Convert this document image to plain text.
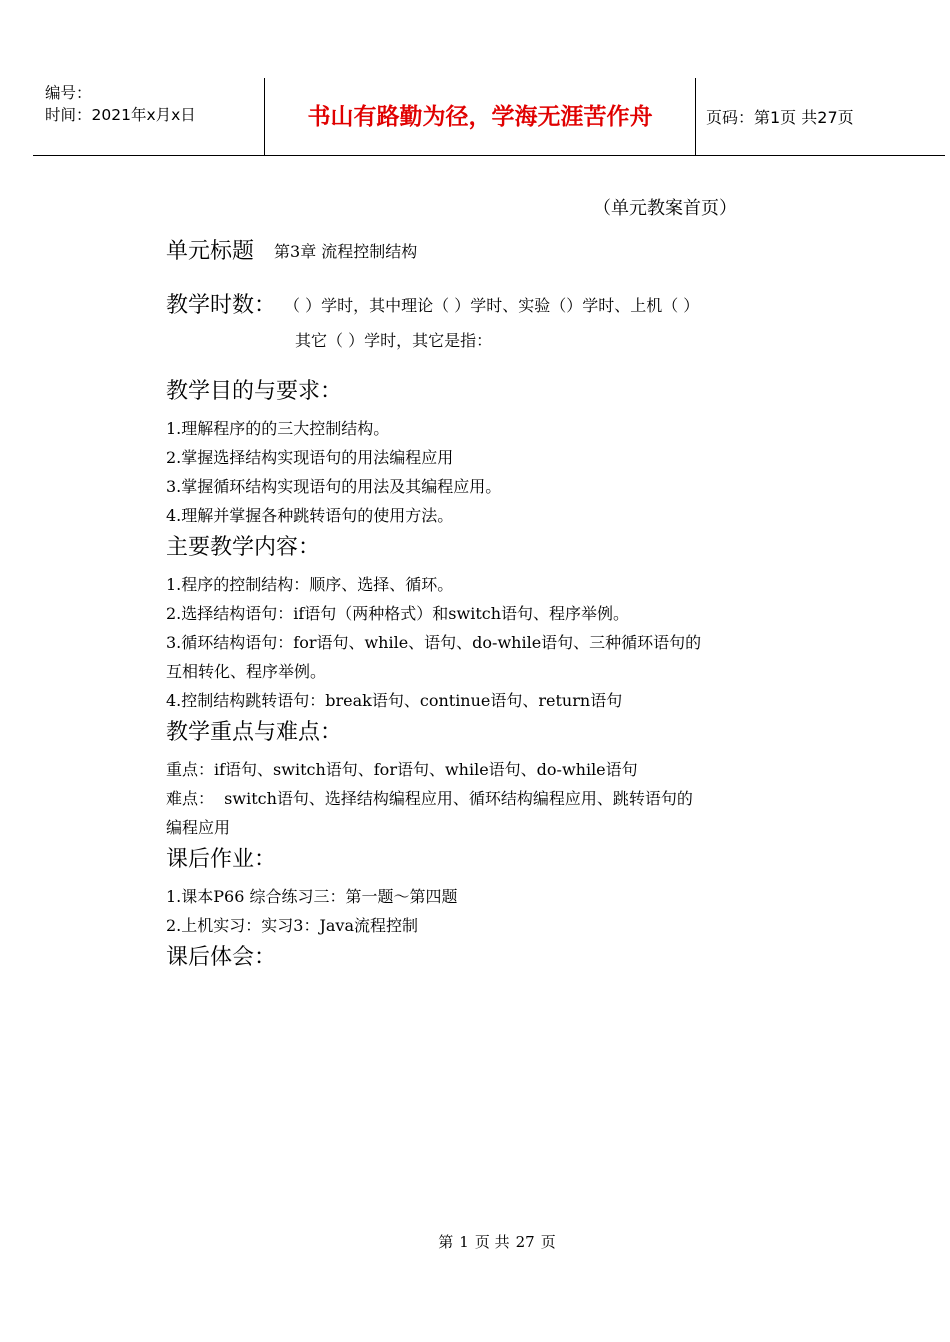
编号：
时间：2021年x月x日	书山有路勤为径，学海无涯苦作舟	页码：第1页 共27页
（单元教案首页）
单元标题 第3章 流程控制结构
教学时数： （ ）学时，其中理论（ ）学时、实验（）学时、上机（ ）
其它（ ）学时，其它是指：
教学目的与要求：
1.理解程序的的三大控制结构。
2.掌握选择结构实现语句的用法编程应用
3.掌握循环结构实现语句的用法及其编程应用。
4.理解并掌握各种跳转语句的使用方法。
主要教学内容：
1.程序的控制结构：顺序、选择、循环。
2.选择结构语句：if语句（两种格式）和switch语句、程序举例。
3.循环结构语句：for语句、while、语句、do-while语句、三种循环语句的
互相转化、程序举例。
4.控制结构跳转语句：break语句、continue语句、return语句
教学重点与难点：
重点：if语句、switch语句、for语句、while语句、do-while语句
难点：  switch语句、选择结构编程应用、循环结构编程应用、跳转语句的
编程应用
课后作业：
1.课本P66 综合练习三：第一题～第四题
2.上机实习：实习3：Java流程控制
课后体会：
第 1 页 共 27 页
